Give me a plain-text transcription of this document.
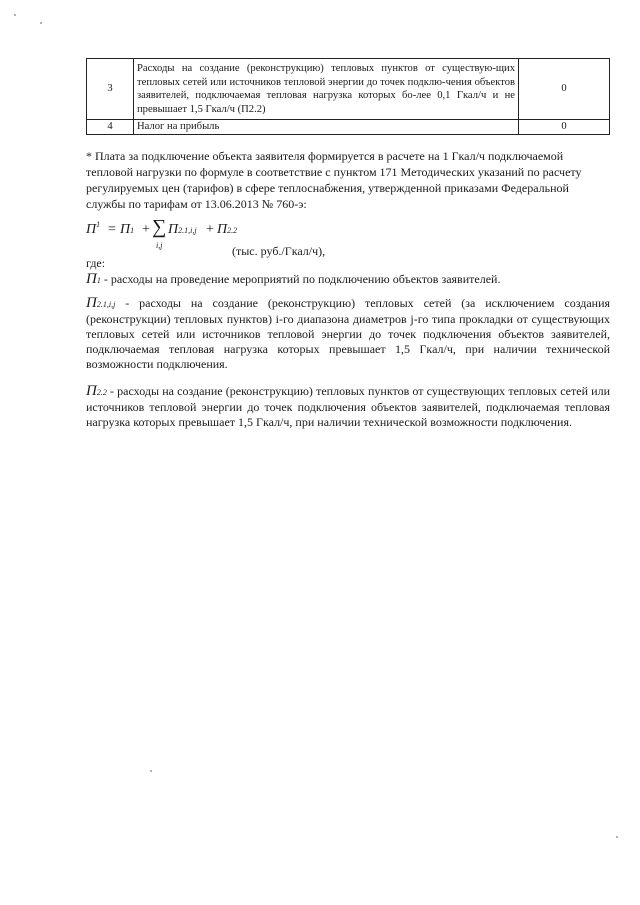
3	Расходы на создание (реконструкцию) тепловых пунктов от существую-щих тепловых сетей или источников тепловой энергии до точек подклю-чения объектов заявителей, подключаемая тепловая нагрузка которых бо-лее 0,1 Гкал/ч и не превышает 1,5 Гкал/ч (П2.2)	0
4	Налог на прибыль	0

* Плата за подключение объекта заявителя формируется в расчете на 1 Гкал/ч подключаемой тепловой нагрузки по формуле в соответствие с пунктом 171 Методических указаний по расчету регулируемых цен (тарифов) в сфере теплоснабжения, утвержденной приказами Федеральной службы по тарифам от 13.06.2013 № 760-э:

$П^1 = П1$ + ∑
i,j
П2.1,i,j + П2.2
(тыс. руб./Гкал/ч),
где:
П1 - расходы на проведение мероприятий по подключению объектов заявителей.
П2.1,i,j - расходы на создание (реконструкцию) тепловых сетей (за исключением создания (реконструкции) тепловых пунктов) i-го диапазона диаметров j-го типа прокладки от существующих тепловых сетей или источников тепловой энергии до точек подключения объектов заявителей, подключаемая тепловая нагрузка которых превышает 1,5 Гкал/ч, при наличии технической возможности подключения.
П2.2 - расходы на создание (реконструкцию) тепловых пунктов от существующих тепловых сетей или источников тепловой энергии до точек подключения объектов заявителей, подключаемая тепловая нагрузка которых превышает 1,5 Гкал/ч, при наличии технической возможности подключения.
